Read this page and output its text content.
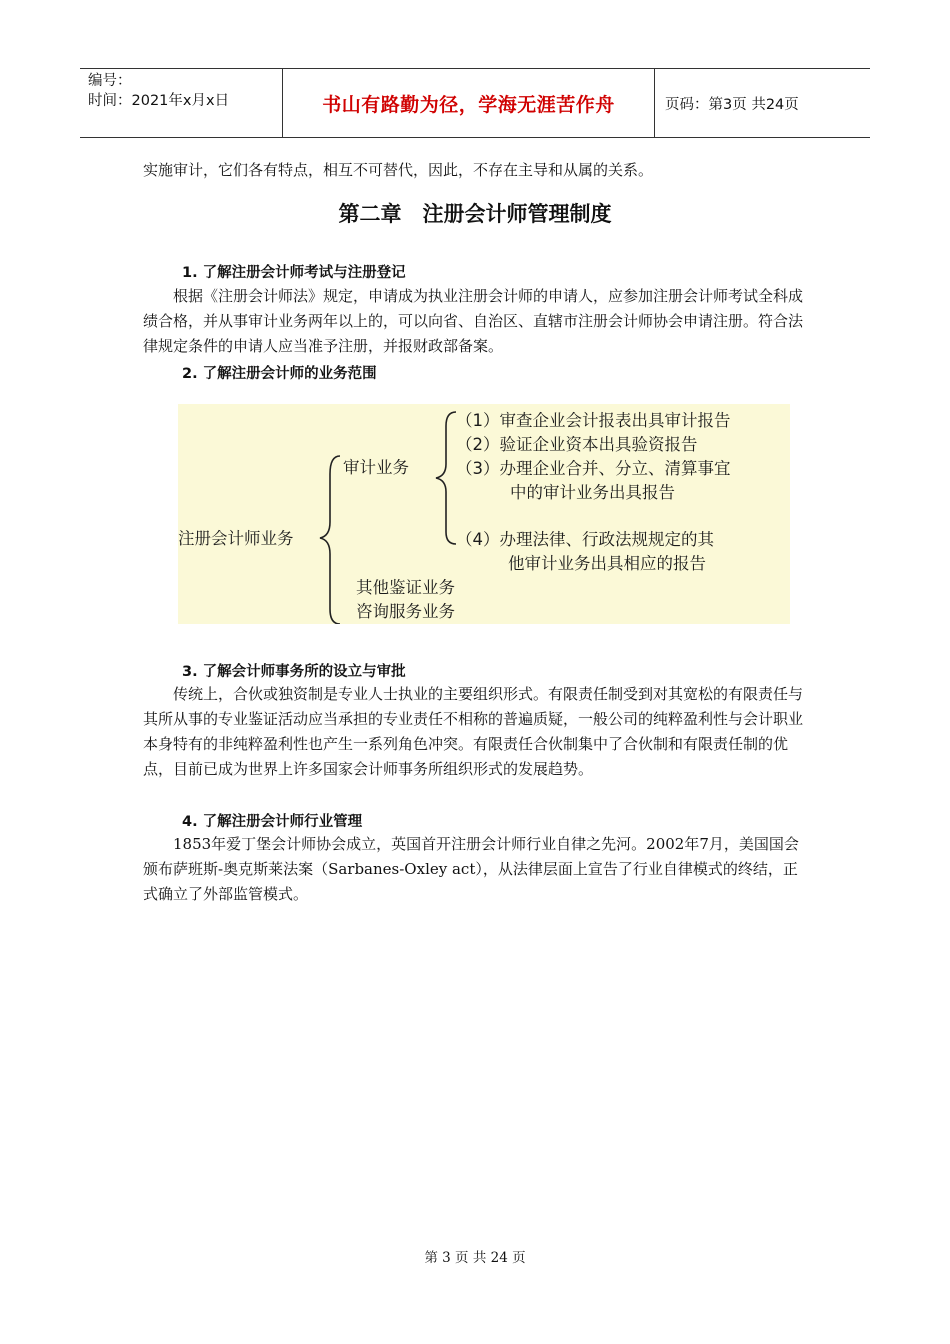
编号：
时间：2021年x月x日	书山有路勤为径，学海无涯苦作舟	页码：第3页 共24页

实施审计，它们各有特点，相互不可替代，因此，不存在主导和从属的关系。

第二章　注册会计师管理制度
1. 了解注册会计师考试与注册登记

根据《注册会计师法》规定，申请成为执业注册会计师的申请人，应参加注册会计师考试全科成绩合格，并从事审计业务两年以上的，可以向省、自治区、直辖市注册会计师协会申请注册。符合法律规定条件的申请人应当准予注册，并报财政部备案。

2. 了解注册会计师的业务范围
注册会计师业务
审计业务
（1）审查企业会计报表出具审计报告
（2）验证企业资本出具验资报告
（3）办理企业合并、分立、清算事宜
中的审计业务出具报告
（4）办理法律、行政法规规定的其
他审计业务出具相应的报告
其他鉴证业务
咨询服务业务
3. 了解会计师事务所的设立与审批

传统上，合伙或独资制是专业人士执业的主要组织形式。有限责任制受到对其宽松的有限责任与其所从事的专业鉴证活动应当承担的专业责任不相称的普遍质疑，一般公司的纯粹盈利性与会计职业本身特有的非纯粹盈利性也产生一系列角色冲突。有限责任合伙制集中了合伙制和有限责任制的优点，目前已成为世界上许多国家会计师事务所组织形式的发展趋势。

4. 了解注册会计师行业管理

1853年爱丁堡会计师协会成立，英国首开注册会计师行业自律之先河。2002年7月，美国国会颁布萨班斯-奥克斯莱法案（Sarbanes-Oxley act），从法律层面上宣告了行业自律模式的终结，正式确立了外部监管模式。

第 3 页 共 24 页
